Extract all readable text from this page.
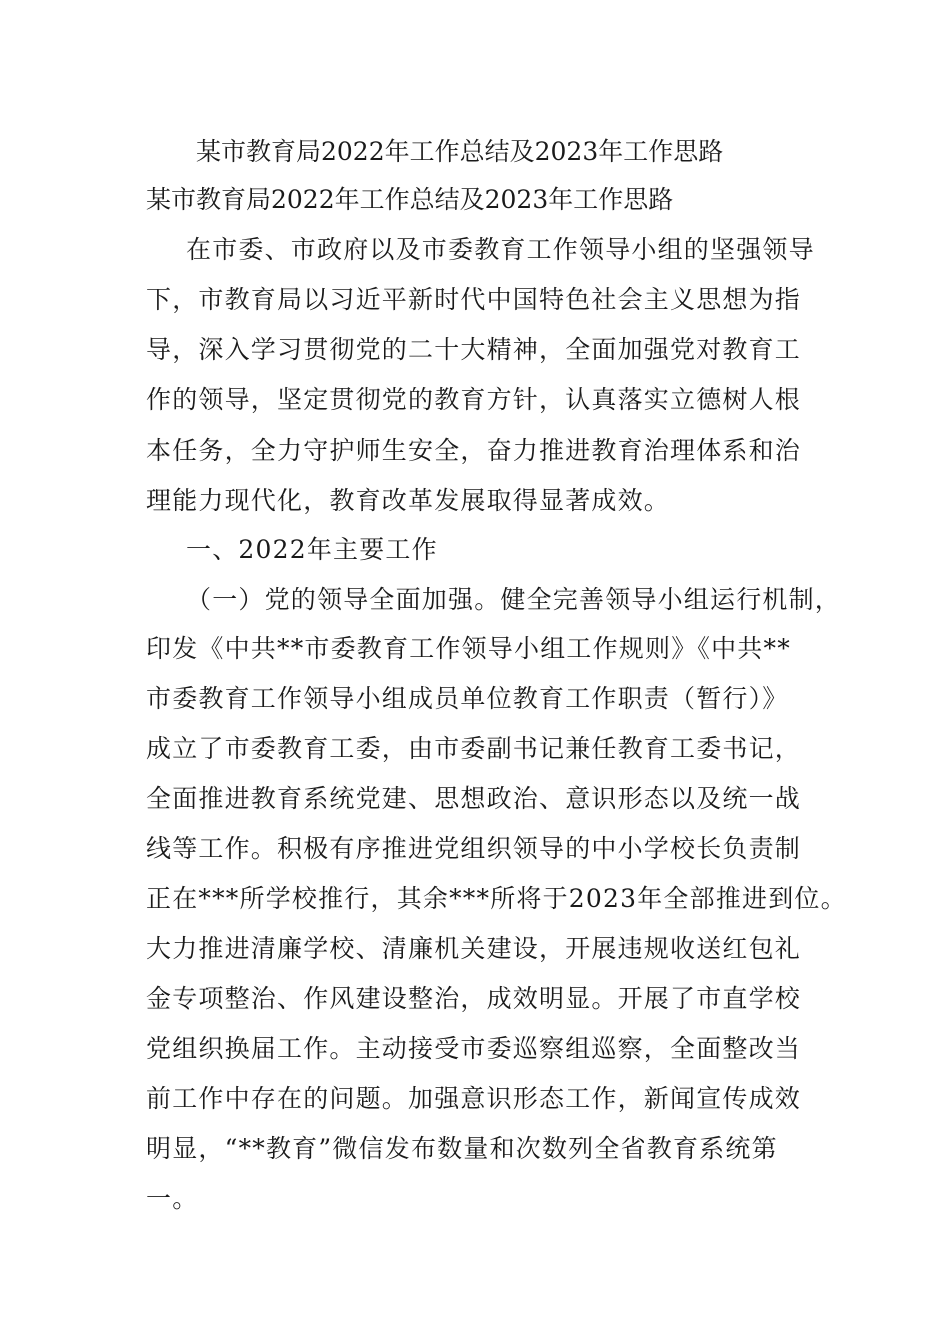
某市教育局2022年工作总结及2023年工作思路
某市教育局2022年工作总结及2023年工作思路
在市委、市政府以及市委教育工作领导小组的坚强领导
下，市教育局以习近平新时代中国特色社会主义思想为指
导，深入学习贯彻党的二十大精神，全面加强党对教育工
作的领导，坚定贯彻党的教育方针，认真落实立德树人根
本任务，全力守护师生安全，奋力推进教育治理体系和治
理能力现代化，教育改革发展取得显著成效。
一、2022年主要工作
（一）党的领导全面加强。健全完善领导小组运行机制，
印发《中共**市委教育工作领导小组工作规则》《中共**
市委教育工作领导小组成员单位教育工作职责（暂行）》
成立了市委教育工委，由市委副书记兼任教育工委书记，
全面推进教育系统党建、思想政治、意识形态以及统一战
线等工作。积极有序推进党组织领导的中小学校长负责制
正在***所学校推行，其余***所将于2023年全部推进到位。
大力推进清廉学校、清廉机关建设，开展违规收送红包礼
金专项整治、作风建设整治，成效明显。开展了市直学校
党组织换届工作。主动接受市委巡察组巡察，全面整改当
前工作中存在的问题。加强意识形态工作，新闻宣传成效
明显，“**教育”微信发布数量和次数列全省教育系统第
一。
